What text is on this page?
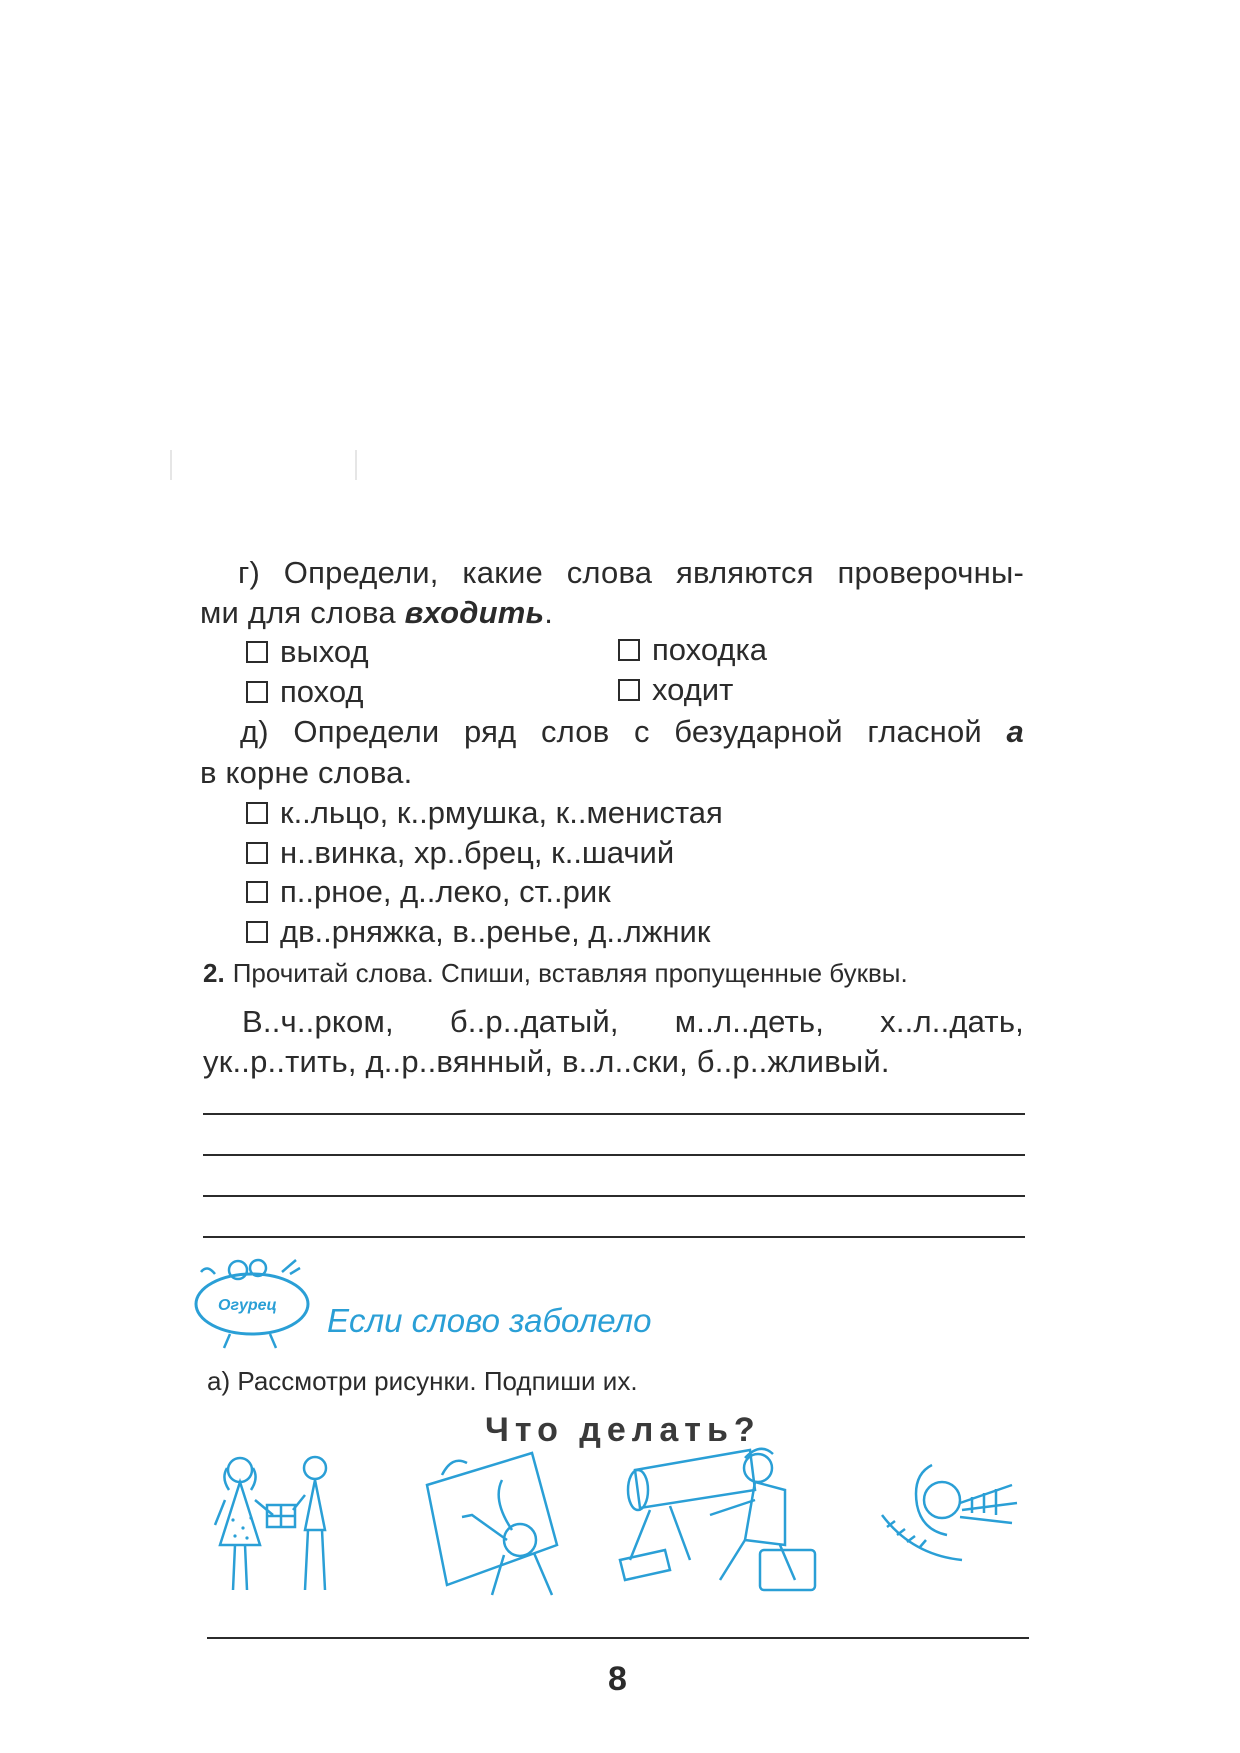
г) Определи, какие слова являются проверочны-
ми для слова входить.
выход
поход
походка
ходит
д) Определи ряд слов с безударной гласной а
в корне слова.
к..льцо, к..рмушка, к..менистая
н..винка, хр..брец, к..шачий
п..рное, д..леко, ст..рик
дв..рняжка, в..ренье, д..лжник
2. Прочитай слова. Спиши, вставляя пропущенные буквы.
В..ч..рком, б..р..датый, м..л..деть, х..л..дать,
ук..р..тить, д..р..вянный, в..л..ски, б..р..жливый.
Огурец Если слово заболело
а) Рассмотри рисунки. Подпиши их.
Что делать?
8
